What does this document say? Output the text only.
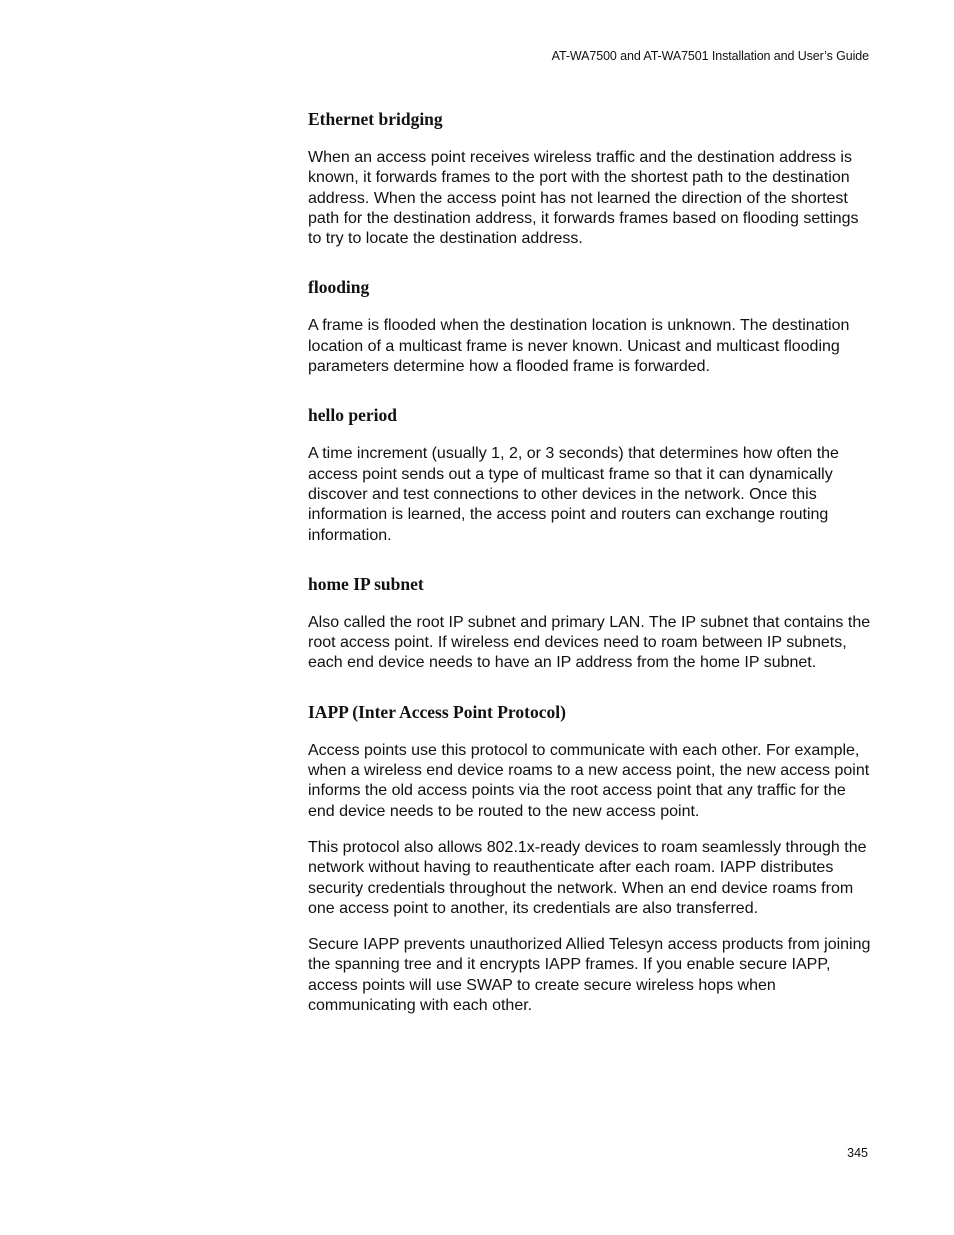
AT-WA7500 and AT-WA7501 Installation and User’s Guide
Ethernet bridging

When an access point receives wireless traffic and the destination address is known, it forwards frames to the port with the shortest path to the destination address. When the access point has not learned the direction of the shortest path for the destination address, it forwards frames based on flooding settings to try to locate the destination address.

flooding

A frame is flooded when the destination location is unknown. The destination location of a multicast frame is never known. Unicast and multicast flooding parameters determine how a flooded frame is forwarded.

hello period

A time increment (usually 1, 2, or 3 seconds) that determines how often the access point sends out a type of multicast frame so that it can dynamically discover and test connections to other devices in the network. Once this information is learned, the access point and routers can exchange routing information.

home IP subnet

Also called the root IP subnet and primary LAN. The IP subnet that contains the root access point. If wireless end devices need to roam between IP subnets, each end device needs to have an IP address from the home IP subnet.

IAPP (Inter Access Point Protocol)

Access points use this protocol to communicate with each other. For example, when a wireless end device roams to a new access point, the new access point informs the old access points via the root access point that any traffic for the end device needs to be routed to the new access point.

This protocol also allows 802.1x-ready devices to roam seamlessly through the network without having to reauthenticate after each roam. IAPP distributes security credentials throughout the network. When an end device roams from one access point to another, its credentials are also transferred.

Secure IAPP prevents unauthorized Allied Telesyn access products from joining the spanning tree and it encrypts IAPP frames. If you enable secure IAPP, access points will use SWAP to create secure wireless hops when communicating with each other.

345
